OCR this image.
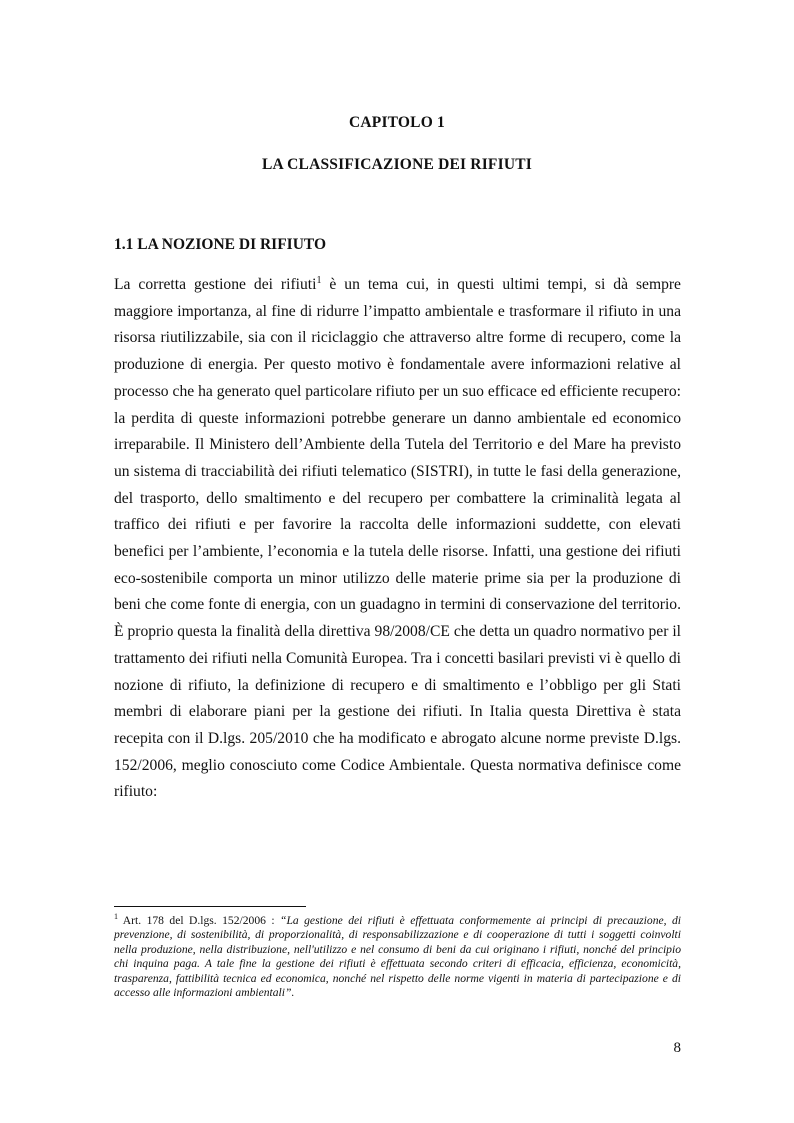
CAPITOLO 1
LA CLASSIFICAZIONE DEI RIFIUTI
1.1 LA NOZIONE DI RIFIUTO

La corretta gestione dei rifiuti$^1$ è un tema cui, in questi ultimi tempi, si dà sempre maggiore importanza, al fine di ridurre l’impatto ambientale e trasformare il rifiuto in una risorsa riutilizzabile, sia con il riciclaggio che attraverso altre forme di recupero, come la produzione di energia. Per questo motivo è fondamentale avere informazioni relative al processo che ha generato quel particolare rifiuto per un suo efficace ed efficiente recupero: la perdita di queste informazioni potrebbe generare un danno ambientale ed economico irreparabile. Il Ministero dell’Ambiente della Tutela del Territorio e del Mare ha previsto un sistema di tracciabilità dei rifiuti telematico (SISTRI), in tutte le fasi della generazione, del trasporto, dello smaltimento e del recupero per combattere la criminalità legata al traffico dei rifiuti e per favorire la raccolta delle informazioni suddette, con elevati benefici per l’ambiente, l’economia e la tutela delle risorse. Infatti, una gestione dei rifiuti eco-sostenibile comporta un minor utilizzo delle materie prime sia per la produzione di beni che come fonte di energia, con un guadagno in termini di conservazione del territorio. È proprio questa la finalità della direttiva 98/2008/CE che detta un quadro normativo per il trattamento dei rifiuti nella Comunità Europea. Tra i concetti basilari previsti vi è quello di nozione di rifiuto, la definizione di recupero e di smaltimento e l’obbligo per gli Stati membri di elaborare piani per la gestione dei rifiuti. In Italia questa Direttiva è stata recepita con il D.lgs. 205/2010 che ha modificato e abrogato alcune norme previste D.lgs. 152/2006, meglio conosciuto come Codice Ambientale. Questa normativa definisce come rifiuto:

$^1$ Art. 178 del D.lgs. 152/2006 : “La gestione dei rifiuti è effettuata conformemente ai principi di precauzione, di prevenzione, di sostenibilità, di proporzionalità, di responsabilizzazione e di cooperazione di tutti i soggetti coinvolti nella produzione, nella distribuzione, nell'utilizzo e nel consumo di beni da cui originano i rifiuti, nonché del principio chi inquina paga. A tale fine la gestione dei rifiuti è effettuata secondo criteri di efficacia, efficienza, economicità, trasparenza, fattibilità tecnica ed economica, nonché nel rispetto delle norme vigenti in materia di partecipazione e di accesso alle informazioni ambientali”.
8
